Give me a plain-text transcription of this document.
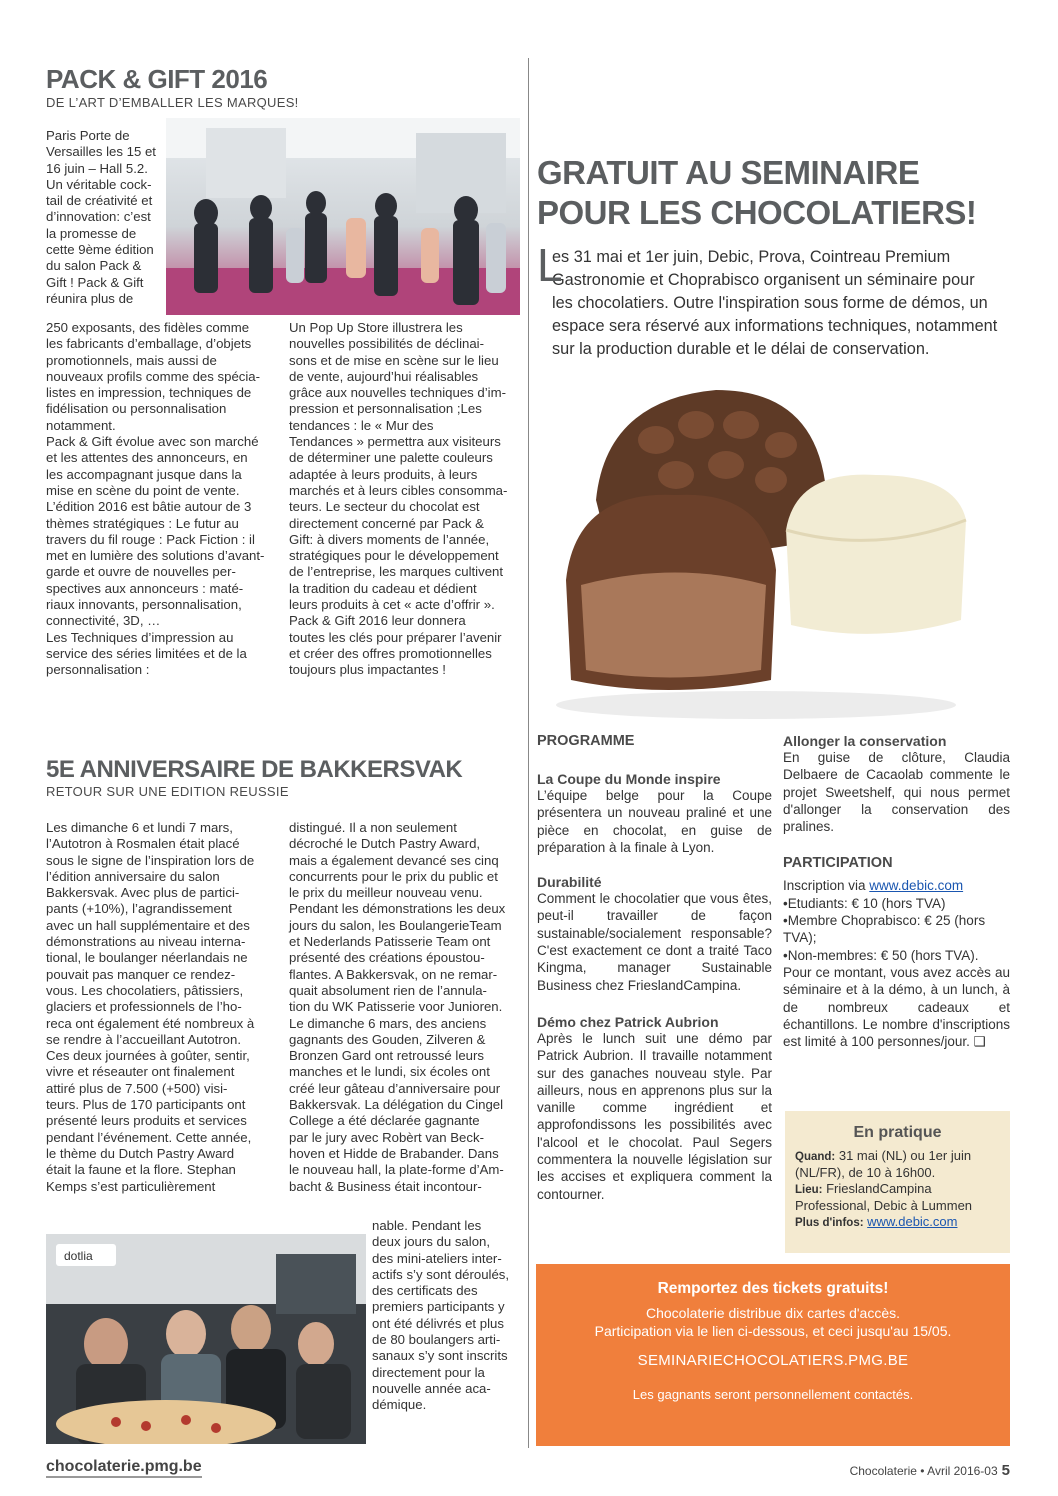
PACK & GIFT 2016
DE L’ART D’EMBALLER LES MARQUES!
Paris Porte de
Versailles les 15 et
16 juin – Hall 5.2.
Un véritable cock-
tail de créativité et
d’innovation: c’est
la promesse de
cette 9ème édition
du salon Pack &
Gift ! Pack & Gift
réunira plus de
250 exposants, des fidèles comme
les fabricants d’emballage, d’objets
promotionnels, mais aussi de
nouveaux profils comme des spécia-
listes en impression, techniques de
fidélisation ou personnalisation
notamment.
Pack & Gift évolue avec son marché
et les attentes des annonceurs, en
les accompagnant jusque dans la
mise en scène du point de vente.
L’édition 2016 est bâtie autour de 3
thèmes stratégiques : Le futur au
travers du fil rouge : Pack Fiction : il
met en lumière des solutions d’avant-
garde et ouvre de nouvelles per-
spectives aux annonceurs : maté-
riaux innovants, personnalisation,
connectivité, 3D, …
Les Techniques d’impression au
service des séries limitées et de la
personnalisation :
Un Pop Up Store illustrera les
nouvelles possibilités de déclinai-
sons et de mise en scène sur le lieu
de vente, aujourd’hui réalisables
grâce aux nouvelles techniques d’im-
pression et personnalisation ;Les
tendances : le « Mur des
Tendances » permettra aux visiteurs
de déterminer une palette couleurs
adaptée à leurs produits, à leurs
marchés et à leurs cibles consomma-
teurs. Le secteur du chocolat est
directement concerné par Pack &
Gift: à divers moments de l’année,
stratégiques pour le développement
de l’entreprise, les marques cultivent
la tradition du cadeau et dédient
leurs produits à cet « acte d’offrir ».
Pack & Gift 2016 leur donnera
toutes les clés pour préparer l’avenir
et créer des offres promotionnelles
toujours plus impactantes !
5E ANNIVERSAIRE DE BAKKERSVAK
RETOUR SUR UNE EDITION REUSSIE
Les dimanche 6 et lundi 7 mars,
l’Autotron à Rosmalen était placé
sous le signe de l’inspiration lors de
l’édition anniversaire du salon
Bakkersvak. Avec plus de partici-
pants (+10%), l’agrandissement
avec un hall supplémentaire et des
démonstrations au niveau interna-
tional, le boulanger néerlandais ne
pouvait pas manquer ce rendez-
vous. Les chocolatiers, pâtissiers,
glaciers et professionnels de l’ho-
reca ont également été nombreux à
se rendre à l’accueillant Autotron.
Ces deux journées à goûter, sentir,
vivre et réseauter ont finalement
attiré plus de 7.500 (+500) visi-
teurs. Plus de 170 participants ont
présenté leurs produits et services
pendant l’événement. Cette année,
le thème du Dutch Pastry Award
était la faune et la flore. Stephan
Kemps s’est particulièrement
distingué. Il a non seulement
décroché le Dutch Pastry Award,
mais a également devancé ses cinq
concurrents pour le prix du public et
le prix du meilleur nouveau venu.
Pendant les démonstrations les deux
jours du salon, les BoulangerieTeam
et Nederlands Patisserie Team ont
présenté des créations époustou-
flantes. A Bakkersvak, on ne remar-
quait absolument rien de l’annula-
tion du WK Patisserie voor Junioren.
Le dimanche 6 mars, des anciens
gagnants des Gouden, Zilveren &
Bronzen Gard ont retroussé leurs
manches et le lundi, six écoles ont
créé leur gâteau d’anniversaire pour
Bakkersvak. La délégation du Cingel
College a été déclarée gagnante
par le jury avec Robèrt van Beck-
hoven et Hidde de Brabander. Dans
le nouveau hall, la plate-forme d’Am-
bacht & Business était incontour-
dotlia
nable. Pendant les
deux jours du salon,
des mini-ateliers inter-
actifs s’y sont déroulés,
des certificats des
premiers participants y
ont été délivrés et plus
de 80 boulangers arti-
sanaux s’y sont inscrits
directement pour la
nouvelle année aca-
démique.
GRATUIT AU SEMINAIRE
POUR LES CHOCOLATIERS!
L
es 31 mai et 1er juin, Debic, Prova, Cointreau Premium
Gastronomie et Choprabisco organisent un séminaire pour
les chocolatiers. Outre l'inspiration sous forme de démos, un
espace sera réservé aux informations techniques, notamment
sur la production durable et le délai de conservation.
PROGRAMME
La Coupe du Monde inspire
L’équipe belge pour la Coupe présentera un nouveau praliné et une pièce en chocolat, en guise de préparation à la finale à Lyon.
Durabilité
Comment le chocolatier que vous êtes, peut-il travailler de façon sustainable/socialement responsable? C'est exactement ce dont a traité Taco Kingma, manager Sustainable Business chez FrieslandCampina.
Démo chez Patrick Aubrion
Après le lunch suit une démo par Patrick Aubrion. Il travaille notamment sur des ganaches nouveau style. Par ailleurs, nous en apprenons plus sur la vanille comme ingrédient et approfondissons les possibilités avec l'alcool et le chocolat. Paul Segers commentera la nouvelle législation sur les accises et expliquera comment la contourner.
Allonger la conservation
En guise de clôture, Claudia Delbaere de Cacaolab commente le projet Sweetshelf, qui nous permet d'allonger la conservation des pralines.
PARTICIPATION
Inscription via www.debic.com
•Etudiants: € 10 (hors TVA)
•Membre Choprabisco: € 25 (hors TVA);
•Non-membres: € 50 (hors TVA).
Pour ce montant, vous avez accès au séminaire et à la démo, à un lunch, à de nombreux cadeaux et échantillons. Le nombre d'inscriptions est limité à 100 personnes/jour. ❑
En pratique
Quand: 31 mai (NL) ou 1er juin (NL/FR), de 10 à 16h00.
Lieu: FrieslandCampina Professional, Debic à Lummen
Plus d'infos: www.debic.com
Remportez des tickets gratuits!
Chocolaterie distribue dix cartes d'accès.
Participation via le lien ci-dessous, et ceci jusqu'au 15/05.
SEMINARIECHOCOLATIERS.PMG.BE
Les gagnants seront personnellement contactés.
chocolaterie.pmg.be	Chocolaterie • Avril 2016-03 5
